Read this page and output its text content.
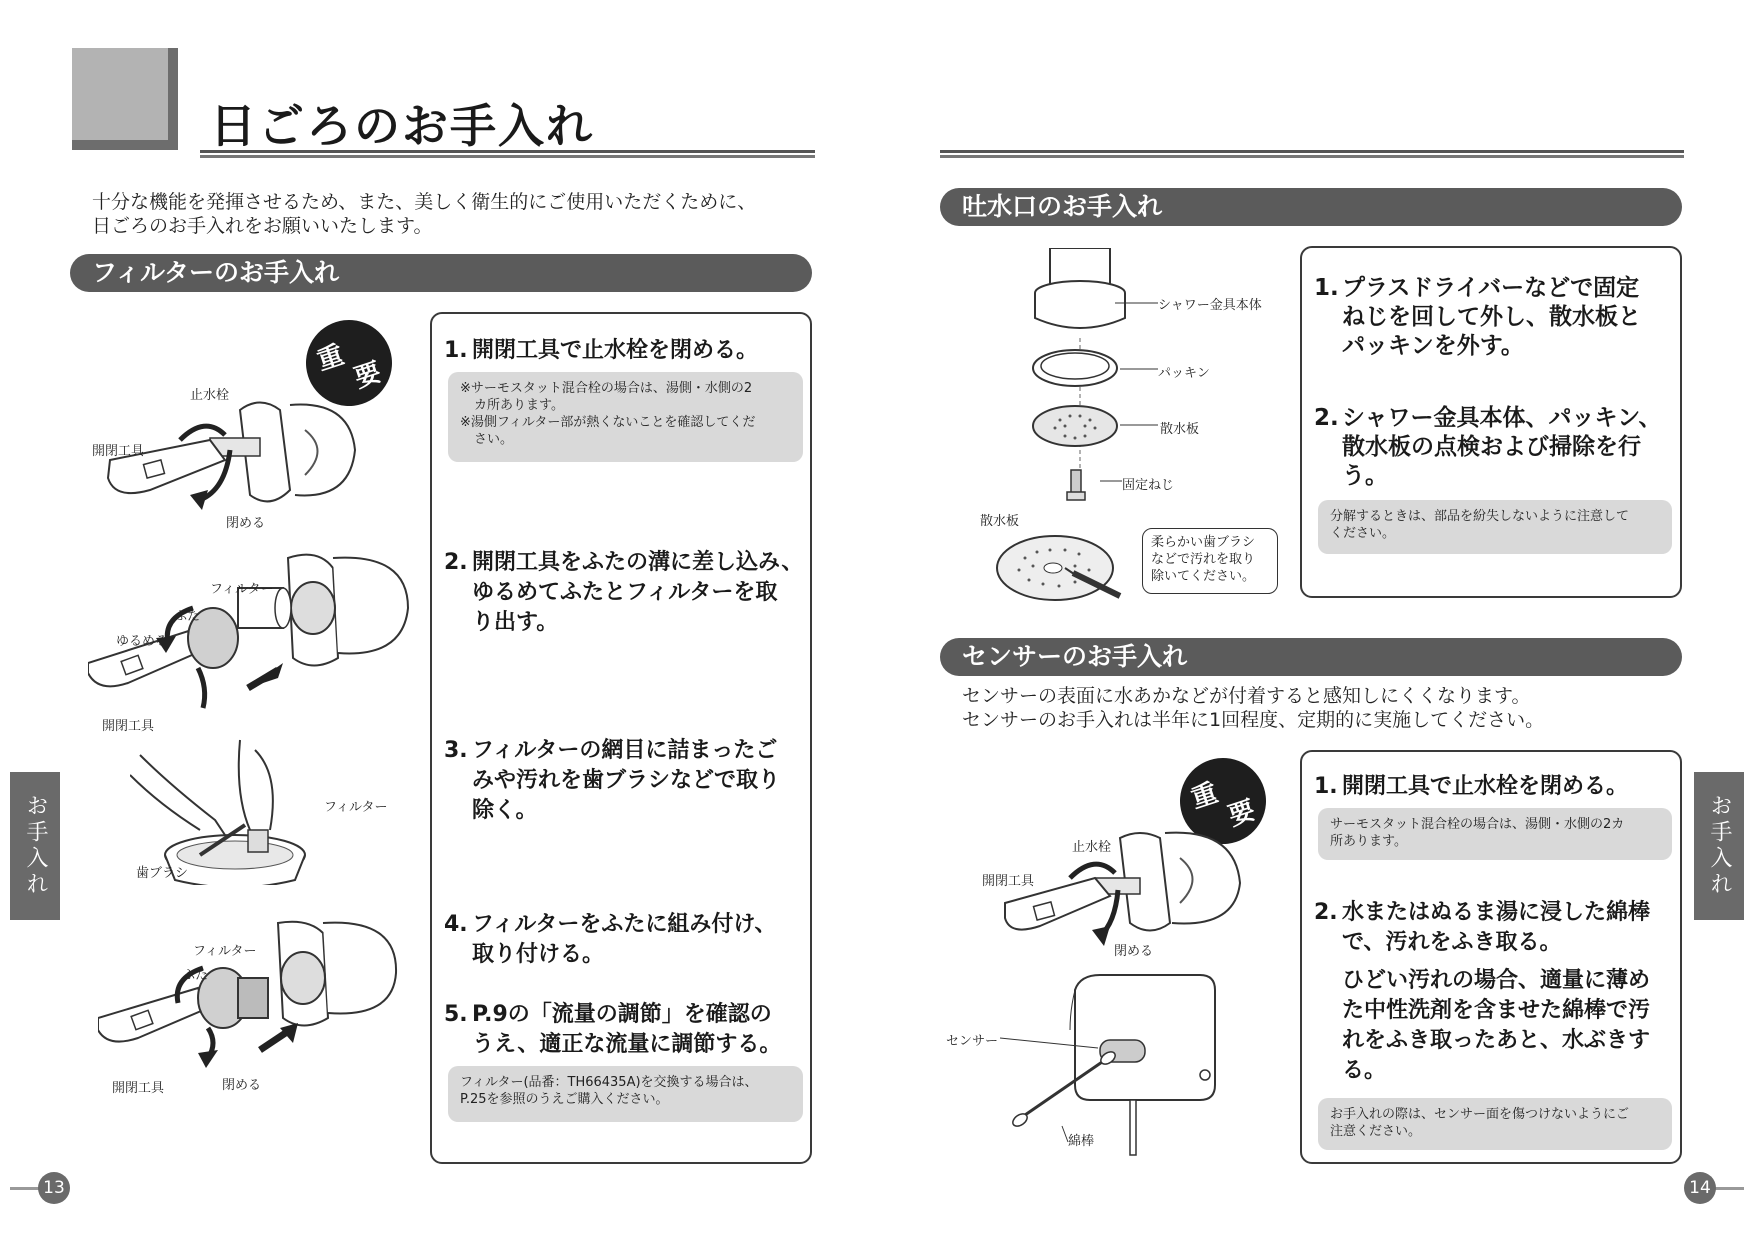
日ごろのお手入れ
十分な機能を発揮させるため、また、美しく衛生的にご使用いただくために、
日ごろのお手入れをお願いいたします。
フィルターのお手入れ
重 要
止水栓
開閉工具
閉める
フィルター
ふた
ゆるめる
開閉工具
フィルター
歯ブラシ
フィルター
ふた
開閉工具	閉める
1. 開閉工具で止水栓を閉める。
※サーモスタット混合栓の場合は、湯側・水側の2
カ所あります。
※湯側フィルター部が熱くないことを確認してくだ
さい。
2. 開閉工具をふたの溝に差し込み、
ゆるめてふたとフィルターを取
り出す。
3. フィルターの網目に詰まったご
みや汚れを歯ブラシなどで取り
除く。
4. フィルターをふたに組み付け、
取り付ける。
5. P.9の「流量の調節」を確認の
うえ、適正な流量に調節する。
フィルター(品番：TH66435A)を交換する場合は、
P.25を参照のうえご購入ください。
お手入れ
13
吐水口のお手入れ
シャワー金具本体
パッキン
散水板
固定ねじ
散水板
柔らかい歯ブラシ
などで汚れを取り
除いてください。
1. プラスドライバーなどで固定
ねじを回して外し、散水板と
パッキンを外す。
2. シャワー金具本体、パッキン、
散水板の点検および掃除を行
う。
分解するときは、部品を紛失しないように注意して
ください。
センサーのお手入れ
センサーの表面に水あかなどが付着すると感知しにくくなります。
センサーのお手入れは半年に1回程度、定期的に実施してください。
重 要
止水栓
開閉工具
閉める
センサー
綿棒
1. 開閉工具で止水栓を閉める。
サーモスタット混合栓の場合は、湯側・水側の2カ
所あります。
2. 水またはぬるま湯に浸した綿棒
で、汚れをふき取る。
ひどい汚れの場合、適量に薄め
た中性洗剤を含ませた綿棒で汚
れをふき取ったあと、水ぶきす
る。
お手入れの際は、センサー面を傷つけないようにご
注意ください。
お手入れ
14
